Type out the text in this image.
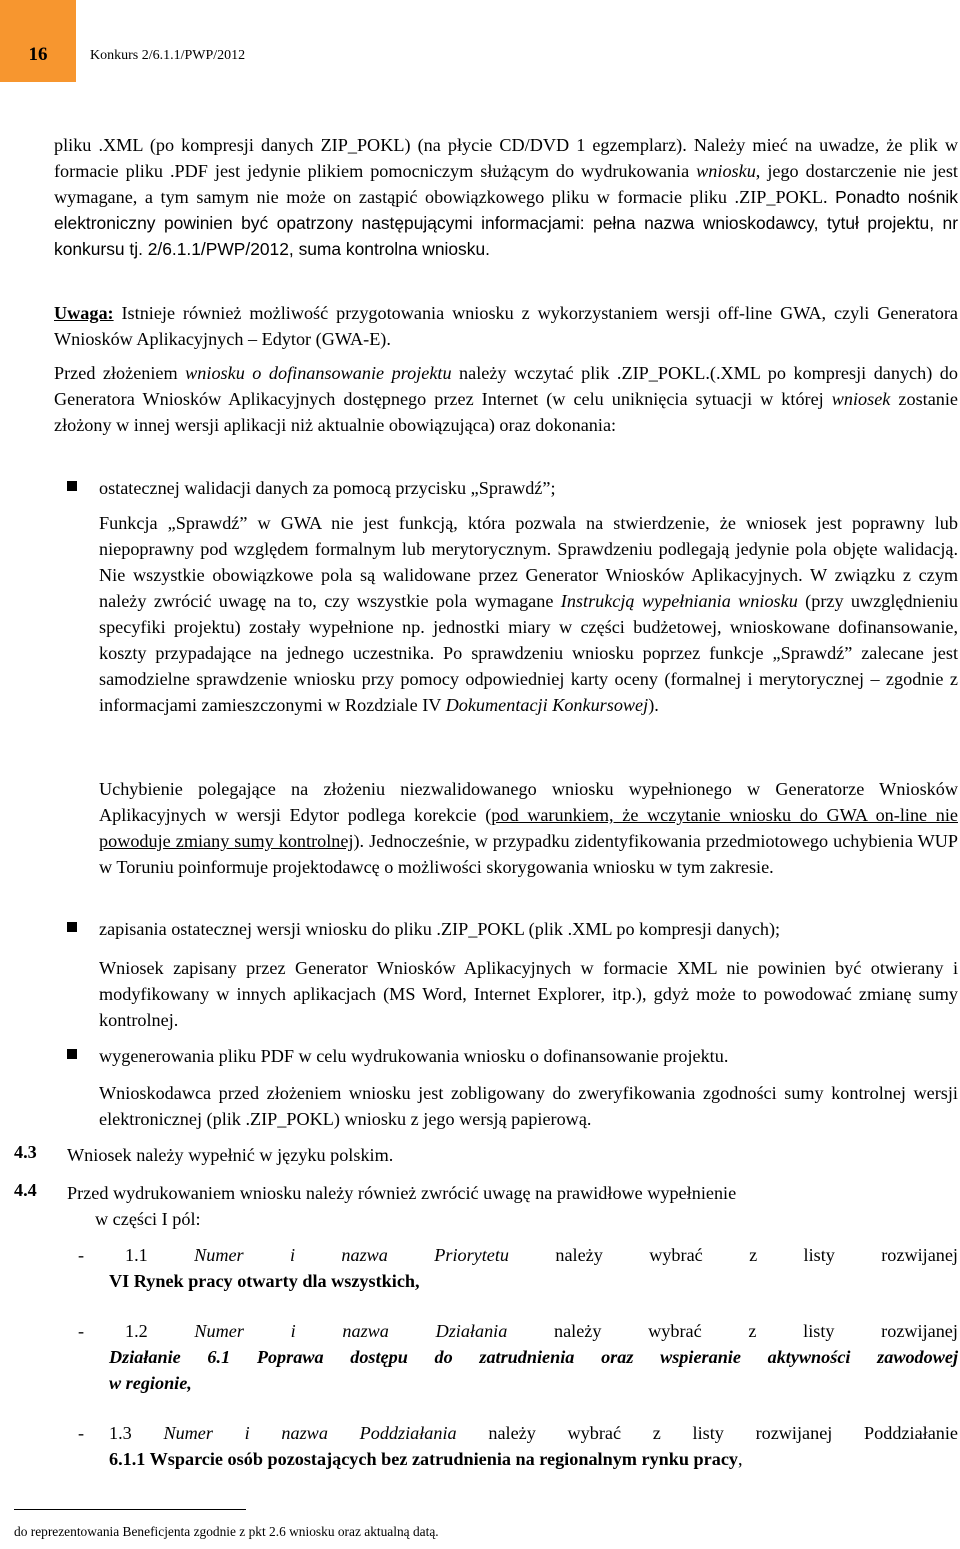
16	Konkurs 2/6.1.1/PWP/2012

pliku .XML (po kompresji danych ZIP_POKL) (na płycie CD/DVD 1 egzemplarz). Należy mieć na uwadze, że plik w formacie pliku .PDF jest jedynie plikiem pomocniczym służącym do wydrukowania wniosku, jego dostarczenie nie jest wymagane, a tym samym nie może on zastąpić obowiązkowego pliku w formacie pliku .ZIP_POKL. Ponadto nośnik elektroniczny powinien być opatrzony następującymi informacjami: pełna nazwa wnioskodawcy, tytuł projektu, nr konkursu tj. 2/6.1.1/PWP/2012, suma kontrolna wniosku.

Uwaga: Istnieje również możliwość przygotowania wniosku z wykorzystaniem wersji off-line GWA, czyli Generatora Wniosków Aplikacyjnych – Edytor (GWA-E).

Przed złożeniem wniosku o dofinansowanie projektu należy wczytać plik .ZIP_POKL.(.XML po kompresji danych) do Generatora Wniosków Aplikacyjnych dostępnego przez Internet (w celu uniknięcia sytuacji w której wniosek zostanie złożony w innej wersji aplikacji niż aktualnie obowiązująca) oraz dokonania:

ostatecznej walidacji danych za pomocą przycisku „Sprawdź”;

Funkcja „Sprawdź” w GWA nie jest funkcją, która pozwala na stwierdzenie, że wniosek jest poprawny lub niepoprawny pod względem formalnym lub merytorycznym. Sprawdzeniu podlegają jedynie pola objęte walidacją. Nie wszystkie obowiązkowe pola są walidowane przez Generator Wniosków Aplikacyjnych. W związku z czym należy zwrócić uwagę na to, czy wszystkie pola wymagane Instrukcją wypełniania wniosku (przy uwzględnieniu specyfiki projektu) zostały wypełnione np. jednostki miary w części budżetowej, wnioskowane dofinansowanie, koszty przypadające na jednego uczestnika. Po sprawdzeniu wniosku poprzez funkcje „Sprawdź” zalecane jest samodzielne sprawdzenie wniosku przy pomocy odpowiedniej karty oceny (formalnej i merytorycznej – zgodnie z informacjami zamieszczonymi w Rozdziale IV Dokumentacji Konkursowej).

Uchybienie polegające na złożeniu niezwalidowanego wniosku wypełnionego w Generatorze Wniosków Aplikacyjnych w wersji Edytor podlega korekcie (pod warunkiem, że wczytanie wniosku do GWA on-line nie powoduje zmiany sumy kontrolnej). Jednocześnie, w przypadku zidentyfikowania przedmiotowego uchybienia WUP w Toruniu poinformuje projektodawcę o możliwości skorygowania wniosku w tym zakresie.

zapisania ostatecznej wersji wniosku do pliku .ZIP_POKL (plik .XML po kompresji danych);
Wniosek zapisany przez Generator Wniosków Aplikacyjnych w formacie XML nie powinien być otwierany i modyfikowany w innych aplikacjach (MS Word, Internet Explorer, itp.), gdyż może to powodować zmianę sumy kontrolnej.
wygenerowania pliku PDF w celu wydrukowania wniosku o dofinansowanie projektu.
Wnioskodawca przed złożeniem wniosku jest zobligowany do zweryfikowania zgodności sumy kontrolnej wersji elektronicznej (plik .ZIP_POKL) wniosku z jego wersją papierową.
4.3 Wniosek należy wypełnić w języku polskim.
4.4 Przed wydrukowaniem wniosku należy również zwrócić uwagę na prawidłowe wypełnienie

w części I pól:

- 1.1	Numer	i	nazwa	Priorytetu	należy	wybrać	z	listy	rozwijanej
VI Rynek pracy otwarty dla wszystkich,
- 1.2	Numer	i	nazwa	Działania	należy	wybrać	z	listy	rozwijanej
Działanie 6.1 Poprawa dostępu do zatrudnienia oraz wspieranie aktywności zawodowej
w regionie,
- 1.3 Numer i nazwa Poddziałania należy wybrać z listy rozwijanej Poddziałanie
6.1.1 Wsparcie osób pozostających bez zatrudnienia na regionalnym rynku pracy,
do reprezentowania Beneficjenta zgodnie z pkt 2.6 wniosku oraz aktualną datą.
